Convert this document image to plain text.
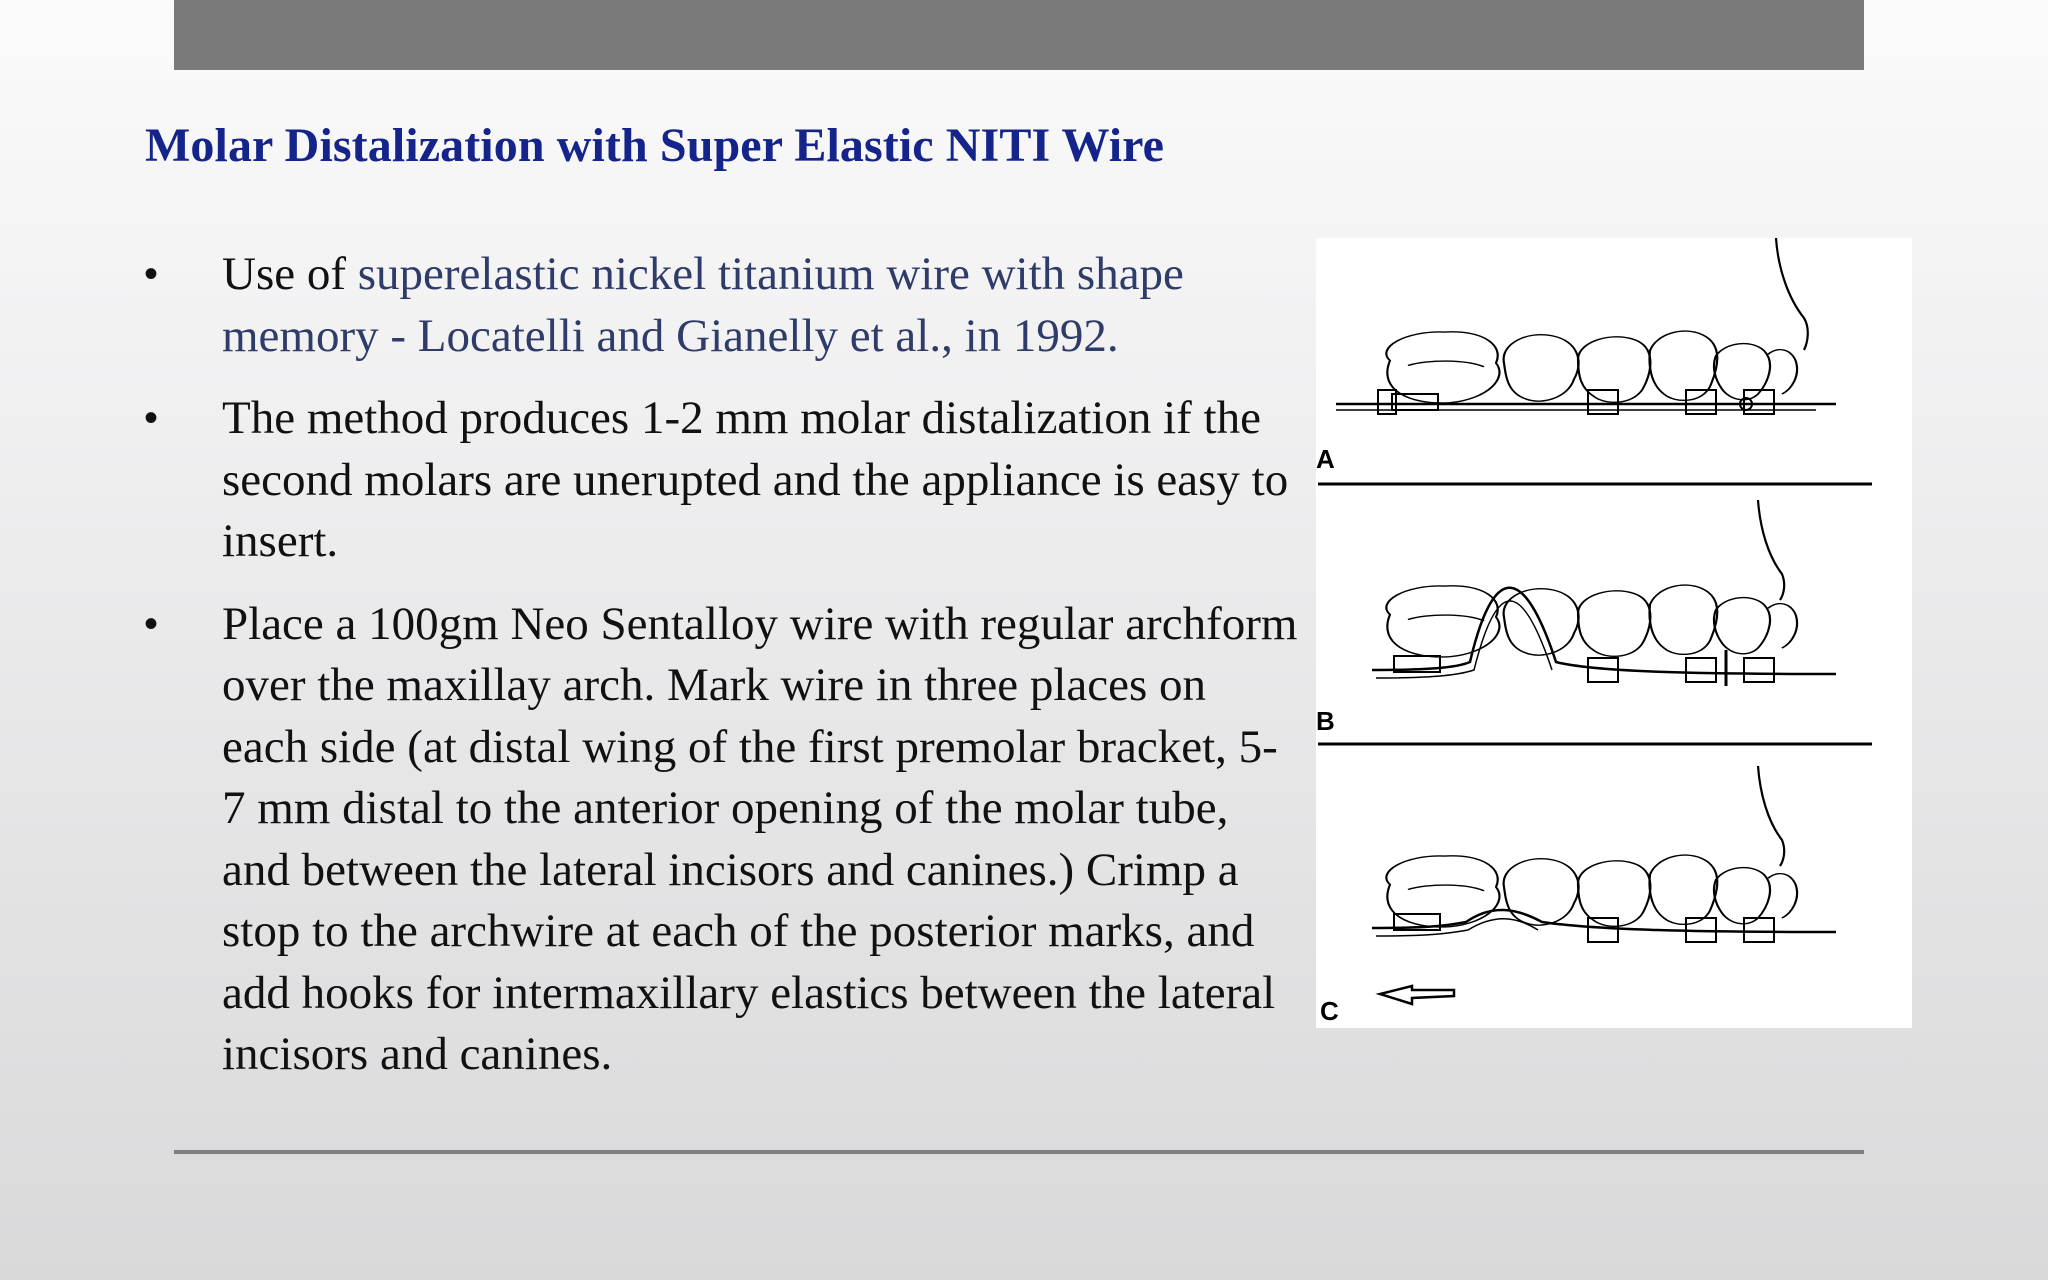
Molar Distalization with Super Elastic NITI Wire
• Use of superelastic nickel titanium wire with shape memory - Locatelli and Gianelly et al., in 1992.
• The method produces 1-2 mm molar distalization if the second molars are unerupted and the appliance is easy to insert.
• Place a 100gm Neo Sentalloy wire with regular archform over the maxillay arch. Mark wire in three places on each side (at distal wing of the first premolar bracket, 5-7 mm distal to the anterior opening of the molar tube, and between the lateral incisors and canines.) Crimp a stop to the archwire at each of the posterior marks, and add hooks for intermaxillary elastics between the lateral incisors and canines.
A
B
C
